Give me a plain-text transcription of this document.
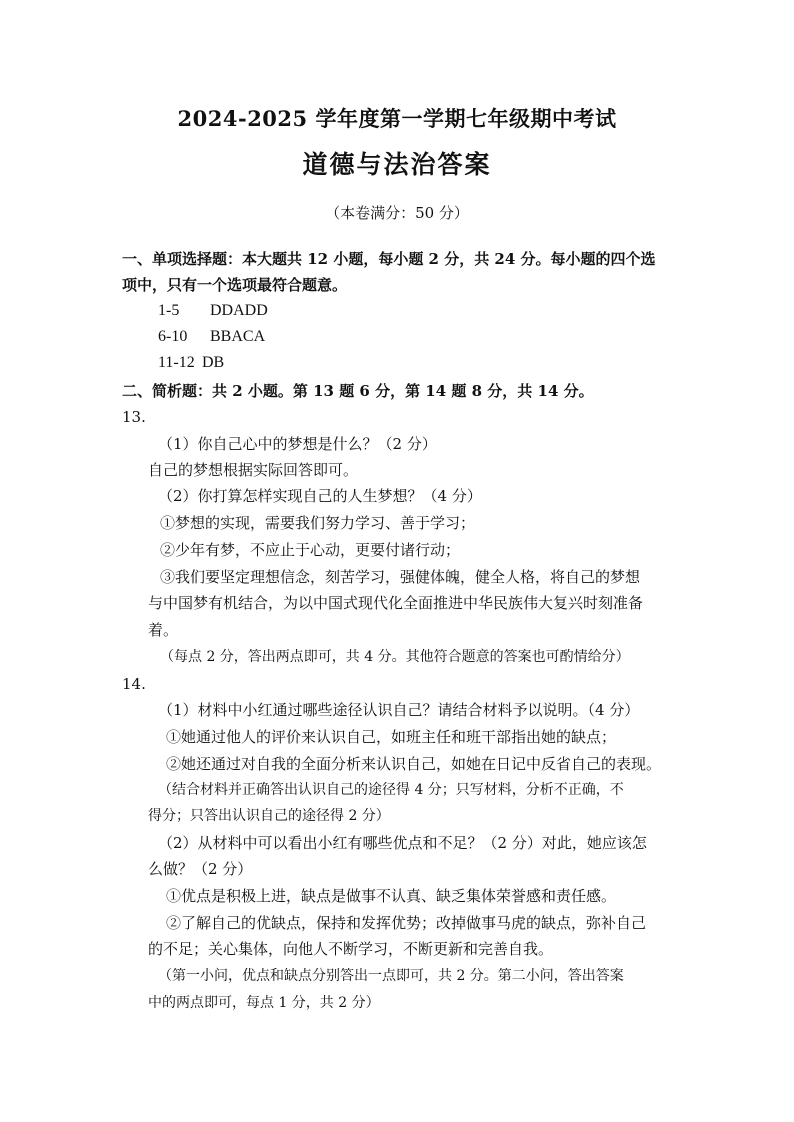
2024-2025 学年度第一学期七年级期中考试
道德与法治答案
（本卷满分：50 分）
一、单项选择题：本大题共 12 小题，每小题 2 分，共 24 分。每小题的四个选
项中，只有一个选项最符合题意。
1-5 DDADD
6-10 BBACA
11-12 DB
二、简析题：共 2 小题。第 13 题 6 分，第 14 题 8 分，共 14 分。
13.
（1）你自己心中的梦想是什么？（2 分）
自己的梦想根据实际回答即可。
（2）你打算怎样实现自己的人生梦想？（4 分）
①梦想的实现，需要我们努力学习、善于学习；
②少年有梦，不应止于心动，更要付诸行动；
③我们要坚定理想信念，刻苦学习，强健体魄，健全人格，将自己的梦想
与中国梦有机结合，为以中国式现代化全面推进中华民族伟大复兴时刻准备
着。
（每点 2 分，答出两点即可，共 4 分。其他符合题意的答案也可酌情给分）
14.
（1）材料中小红通过哪些途径认识自己？请结合材料予以说明。（4 分）
①她通过他人的评价来认识自己，如班主任和班干部指出她的缺点；
②她还通过对自我的全面分析来认识自己，如她在日记中反省自己的表现。
（结合材料并正确答出认识自己的途径得 4 分；只写材料，分析不正确，不
得分；只答出认识自己的途径得 2 分）
（2）从材料中可以看出小红有哪些优点和不足？（2 分）对此，她应该怎
么做？（2 分）
①优点是积极上进，缺点是做事不认真、缺乏集体荣誉感和责任感。
②了解自己的优缺点，保持和发挥优势；改掉做事马虎的缺点，弥补自己
的不足；关心集体，向他人不断学习，不断更新和完善自我。
（第一小问，优点和缺点分别答出一点即可，共 2 分。第二小问，答出答案
中的两点即可，每点 1 分，共 2 分）
